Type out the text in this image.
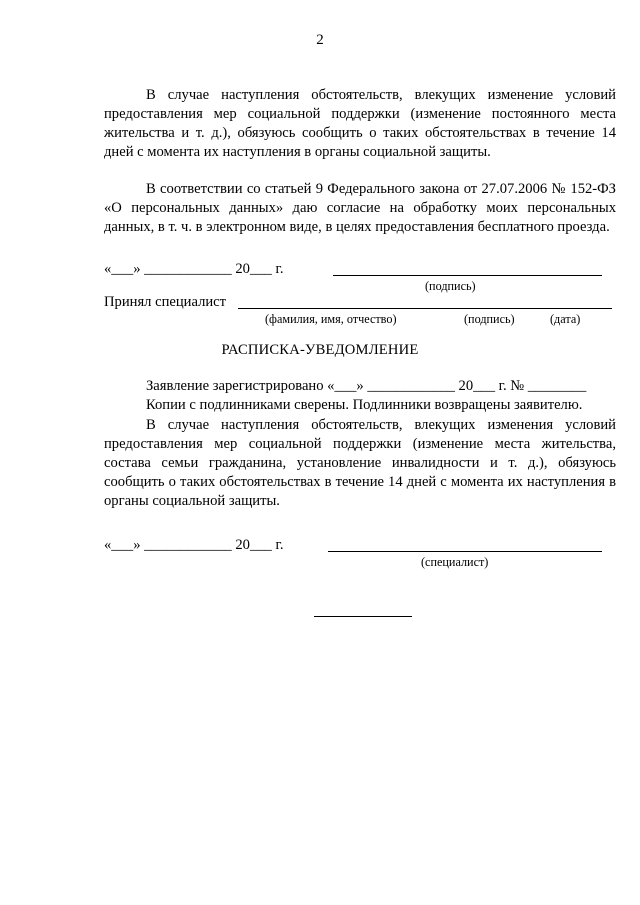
2
В случае наступления обстоятельств, влекущих изменение условий предоставления мер социальной поддержки (изменение постоянного места жительства и т. д.), обязуюсь сообщить о таких обстоятельствах в течение 14 дней с момента их наступления в органы социальной защиты.
В соответствии со статьей 9 Федерального закона от 27.07.2006 № 152-ФЗ «О персональных данных» даю согласие на обработку моих персональных данных, в т. ч. в электронном виде, в целях предоставления бесплатного проезда.
«___» ____________ 20___ г.
(подпись)
Принял специалист
(фамилия, имя, отчество)	(подпись)	(дата)
РАСПИСКА-УВЕДОМЛЕНИЕ
Заявление зарегистрировано «___» ____________ 20___ г. № ________
Копии с подлинниками сверены. Подлинники возвращены заявителю.
В случае наступления обстоятельств, влекущих изменения условий предоставления мер социальной поддержки (изменение места жительства, состава семьи гражданина, установление инвалидности и т. д.), обязуюсь сообщить о таких обстоятельствах в течение 14 дней с момента их наступления в органы социальной защиты.
«___» ____________ 20___ г.
(специалист)
